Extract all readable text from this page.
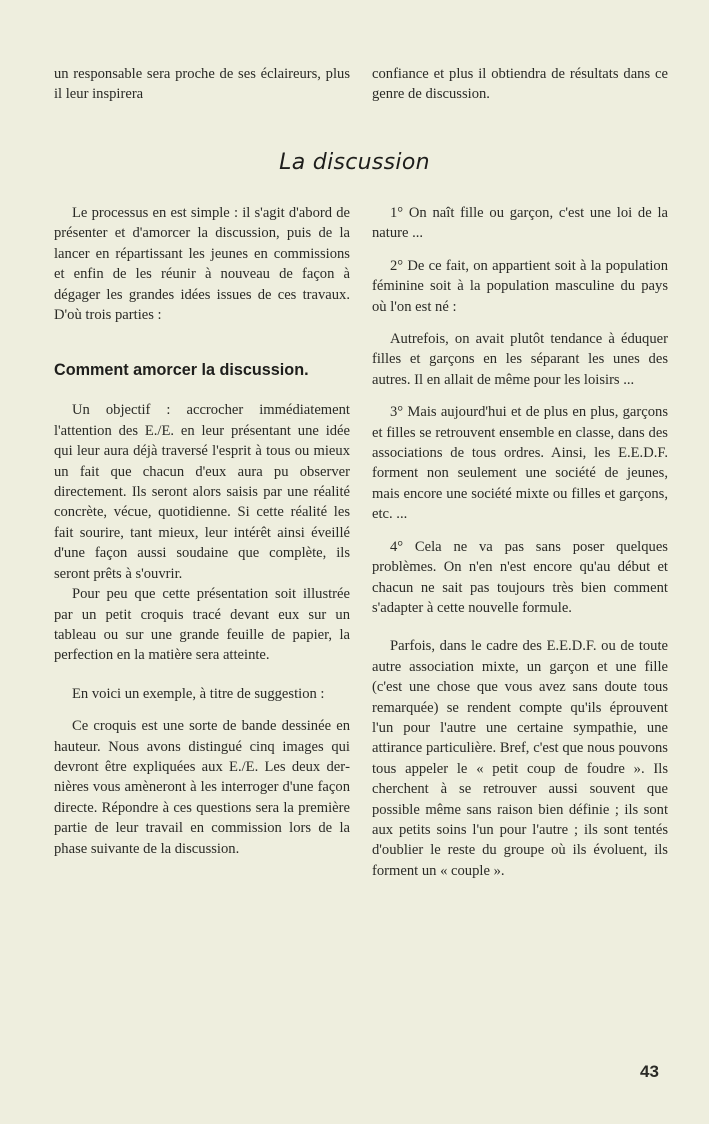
un responsable sera proche de ses éclaireurs, plus il leur inspirera

confiance et plus il obtiendra de résultats dans ce genre de discussion.

La discussion

Le processus en est simple : il s'agit d'abord de présenter et d'amorcer la discussion, puis de la lancer en répartissant les jeunes en commissions et enfin de les réunir à nouveau de façon à dégager les grandes idées issues de ces travaux. D'où trois parties :

Comment amorcer la discussion.

Un objectif : accrocher immédiatement l'attention des E./E. en leur présentant une idée qui leur aura déjà traversé l'esprit à tous ou mieux un fait que chacun d'eux aura pu observer directement. Ils seront alors saisis par une réalité concrète, vécue, quotidienne. Si cette réalité les fait sourire, tant mieux, leur intérêt ainsi éveillé d'une façon aussi soudaine que complète, ils seront prêts à s'ouvrir.

Pour peu que cette présentation soit illustrée par un petit croquis tracé devant eux sur un tableau ou sur une grande feuille de papier, la perfection en la matière sera atteinte.

En voici un exemple, à titre de suggestion :

Ce croquis est une sorte de bande dessinée en hauteur. Nous avons distingué cinq images qui devront être expliquées aux E./E. Les deux dernières vous amèneront à les interroger d'une façon directe. Répondre à ces questions sera la première partie de leur travail en commission lors de la phase suivante de la discussion.

1° On naît fille ou garçon, c'est une loi de la nature ...

2° De ce fait, on appartient soit à la population féminine soit à la population masculine du pays où l'on est né :

Autrefois, on avait plutôt tendance à éduquer filles et garçons en les séparant les unes des autres. Il en allait de même pour les loisirs ...

3° Mais aujourd'hui et de plus en plus, garçons et filles se retrouvent ensemble en classe, dans des associations de tous ordres. Ainsi, les E.E.D.F. forment non seulement une société de jeunes, mais encore une société mixte ou filles et garçons, etc. ...

4° Cela ne va pas sans poser quelques problèmes. On n'en n'est encore qu'au début et chacun ne sait pas toujours très bien comment s'adapter à cette nouvelle formule.

Parfois, dans le cadre des E.E.D.F. ou de toute autre association mixte, un garçon et une fille (c'est une chose que vous avez sans doute tous remarquée) se rendent compte qu'ils éprouvent l'un pour l'autre une certaine sympathie, une attirance particulière. Bref, c'est que nous pouvons tous appeler le « petit coup de foudre ». Ils cherchent à se retrouver aussi souvent que possible même sans raison bien définie ; ils sont aux petits soins l'un pour l'autre ; ils sont tentés d'oublier le reste du groupe où ils évoluent, ils forment un « couple ».

43
